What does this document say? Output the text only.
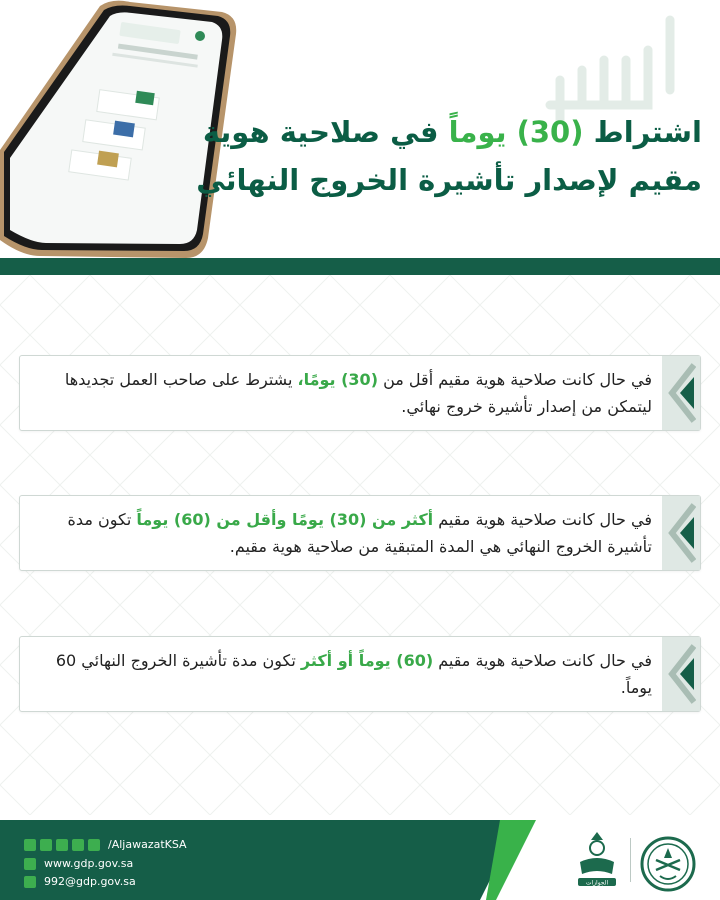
اشتراط (30) يوماً في صلاحية هوية
مقيم لإصدار تأشيرة الخروج النهائي
في حال كانت صلاحية هوية مقيم أقل من (30) يومًا، يشترط على صاحب العمل تجديدها ليتمكن من إصدار تأشيرة خروج نهائي.
في حال كانت صلاحية هوية مقيم أكثر من (30) يومًا وأقل من (60) يوماً تكون مدة تأشيرة الخروج النهائي هي المدة المتبقية من صلاحية هوية مقيم.
في حال كانت صلاحية هوية مقيم (60) يوماً أو أكثر تكون مدة تأشيرة الخروج النهائي 60 يوماً.
/AljawazatKSA
www.gdp.gov.sa
992@gdp.gov.sa	الجوازات
